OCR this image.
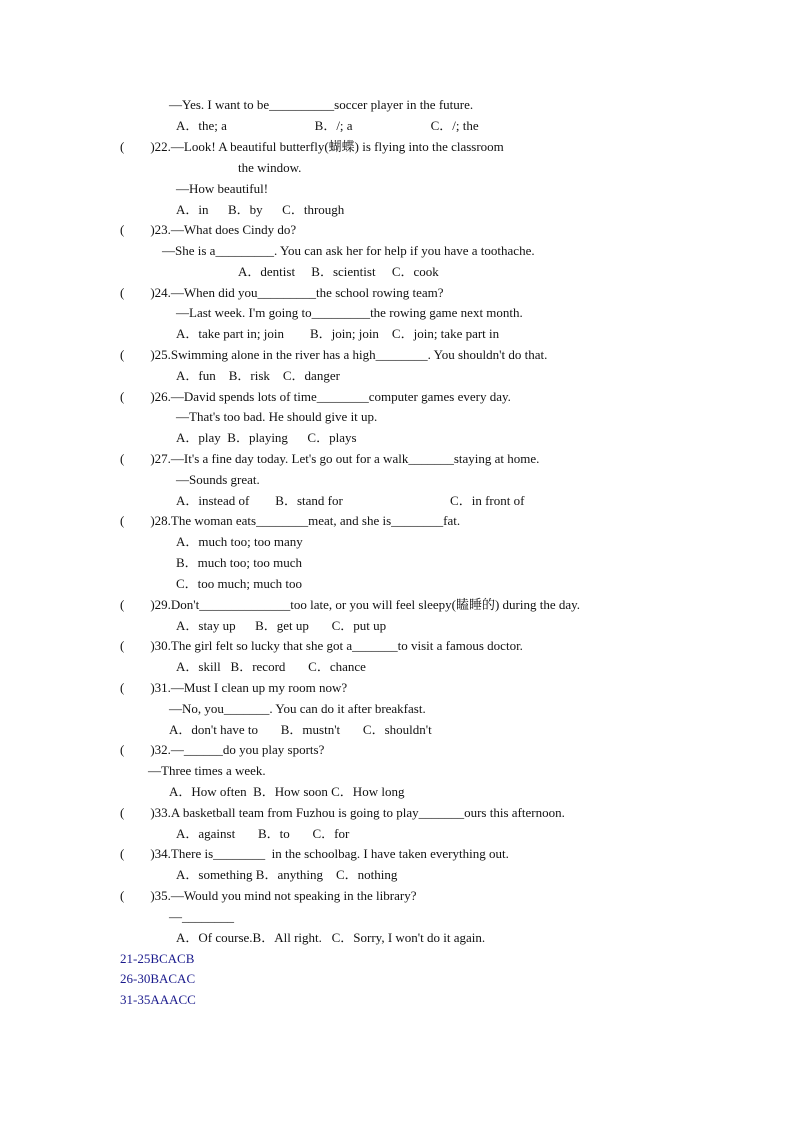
—Yes. I want to be__________soccer player in the future.
A．the; a                           B．/; a                        C．/; the
(        )22.—Look! A beautiful butterfly(蝴蝶) is flying into the classroom
the window.
—How beautiful!
A．in      B．by      C．through
(        )23.—What does Cindy do?
—She is a_________. You can ask her for help if you have a toothache.
A．dentist     B．scientist     C．cook
(        )24.—When did you_________the school rowing team?
—Last week. I'm going to_________the rowing game next month.
A．take part in; join        B．join; join    C．join; take part in
(        )25.Swimming alone in the river has a high________. You shouldn't do that.
A．fun    B．risk    C．danger
(        )26.—David spends lots of time________computer games every day.
—That's too bad. He should give it up.
A．play  B．playing      C．plays
(        )27.—It's a fine day today. Let's go out for a walk_______staying at home.
—Sounds great.
A．instead of        B．stand for                                 C．in front of
(        )28.The woman eats________meat, and she is________fat.
A．much too; too many
B．much too; too much
C．too much; much too
(        )29.Don't______________too late, or you will feel sleepy(瞌睡的) during the day.
A．stay up      B．get up       C．put up
(        )30.The girl felt so lucky that she got a_______to visit a famous doctor.
A．skill   B．record       C．chance
(        )31.—Must I clean up my room now?
—No, you_______. You can do it after breakfast.
A．don't have to       B．mustn't       C．shouldn't
(        )32.—______do you play sports?
—Three times a week.
A．How often  B．How soon C．How long
(        )33.A basketball team from Fuzhou is going to play_______ours this afternoon.
A．against       B．to       C．for
(        )34.There is________  in the schoolbag. I have taken everything out.
A．something B．anything    C．nothing
(        )35.—Would you mind not speaking in the library?
—________
A．Of course.B．All right.   C．Sorry, I won't do it again.
21-25BCACB
26-30BACAC
31-35AAACC
